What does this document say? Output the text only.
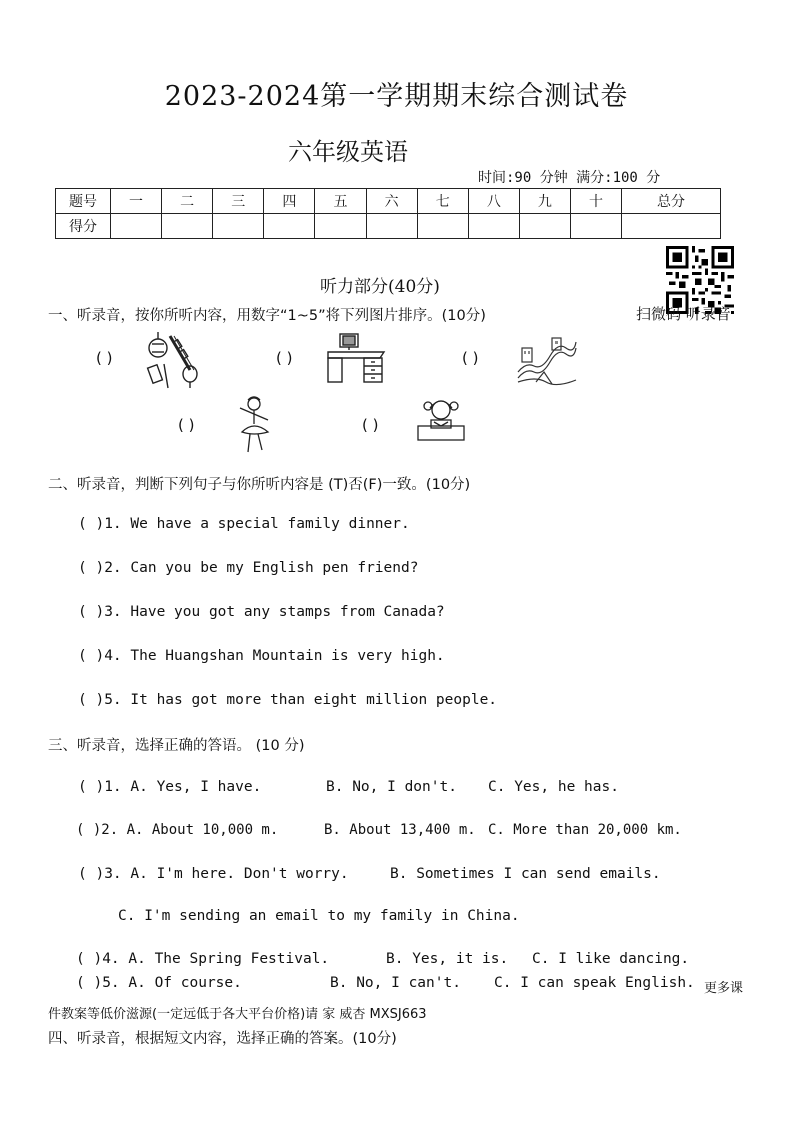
2023-2024第一学期期末综合测试卷
六年级英语
时间:90 分钟 满分:100 分
题号	一	二	三	四	五	六	七	八	九	十	总分
得分											
听力部分(40分)
扫微码 听录音
一、听录音，按你所听内容，用数字“1~5”将下列图片排序。(10分)
( )	( )	( )
( )	( )
二、听录音，判断下列句子与你所听内容是 (T)否(F)一致。(10分)
( )1. We have a special family dinner.
( )2. Can you be my English pen friend?
( )3. Have you got any stamps from Canada?
( )4. The Huangshan Mountain is very high.
( )5. It has got more than eight million people.
三、听录音，选择正确的答语。 (10 分)
( )1. A. Yes, I have.	B. No, I don't. C. Yes, he has.
( )2. A. About 10,000 m.	B. About 13,400 m. C. More than 20,000 km.
( )3. A. I'm here. Don't worry.	B. Sometimes I can send emails.
C. I'm sending an email to my family in China.
( )4. A. The Spring Festival.	B. Yes, it is. C. I like dancing.
( )5. A. Of course.	B. No, I can't. C. I can speak English. 更多课
件教案等低价滋源(一定远低于各大平台价格)请 家 威杏 MXSJ663
四、听录音，根据短文内容，选择正确的答案。(10分)
